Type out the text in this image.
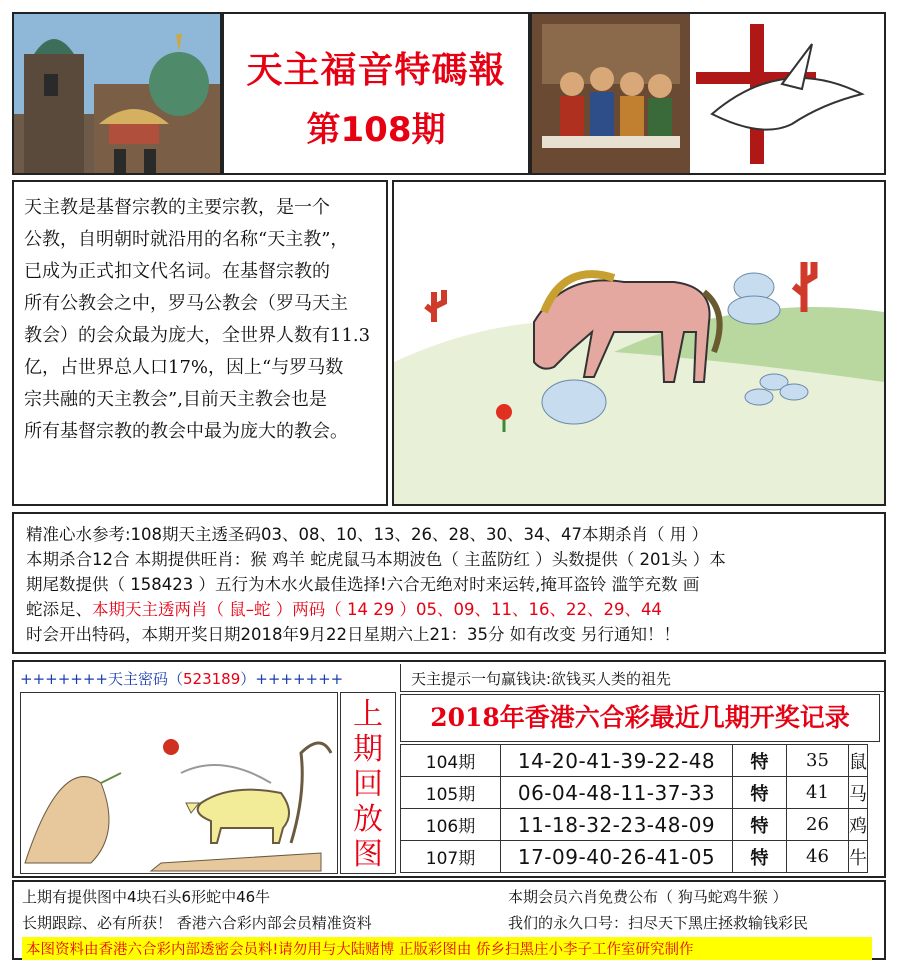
天主福音特碼報
第108期
天主教是基督宗教的主要宗教，是一个
公教，自明朝时就沿用的名称“天主教”，
已成为正式扣文代名词。在基督宗教的
所有公教会之中，罗马公教会（罗马天主
教会）的会众最为庞大，全世界人数有11.3
亿，占世界总人口17%，因上“与罗马数
宗共融的天主教会”,目前天主教会也是
所有基督宗教的教会中最为庞大的教会。
精准心水参考:108期天主透圣码03、08、10、13、26、28、30、34、47本期杀肖（ 用 ）
本期杀合12合 本期提供旺肖：猴 鸡羊 蛇虎鼠马本期波色（ 主蓝防红 ）头数提供（ 201头 ）本
期尾数提供（ 158423 ）五行为木水火最佳选择!六合无绝对时来运转,掩耳盗铃 滥竽充数 画
蛇添足、本期天主透两肖（ 鼠–蛇 ）两码（ 14 29 ）05、09、11、16、22、29、44
时会开出特码，本期开奖日期2018年9月22日星期六上21：35分 如有改变 另行通知！！
+++++++天主密码（523189）+++++++	天主提示一句赢钱诀:欲钱买人类的祖先
上
期
回
放
图
2018年香港六合彩最近几期开奖记录
104期	14-20-41-39-22-48	特	35	鼠
105期	06-04-48-11-37-33	特	41	马
106期	11-18-32-23-48-09	特	26	鸡
107期	17-09-40-26-41-05	特	46	牛
上期有提供图中4块石头6形蛇中46牛	本期会员六肖免费公布（ 狗马蛇鸡牛猴 ）
长期跟踪、必有所获！ 香港六合彩内部会员精准资料	我们的永久口号：扫尽天下黑庄拯救输钱彩民
本图资料由香港六合彩内部透密会员料!请勿用与大陆赌博 正版彩图由 侨乡扫黑庄小李子工作室研究制作
